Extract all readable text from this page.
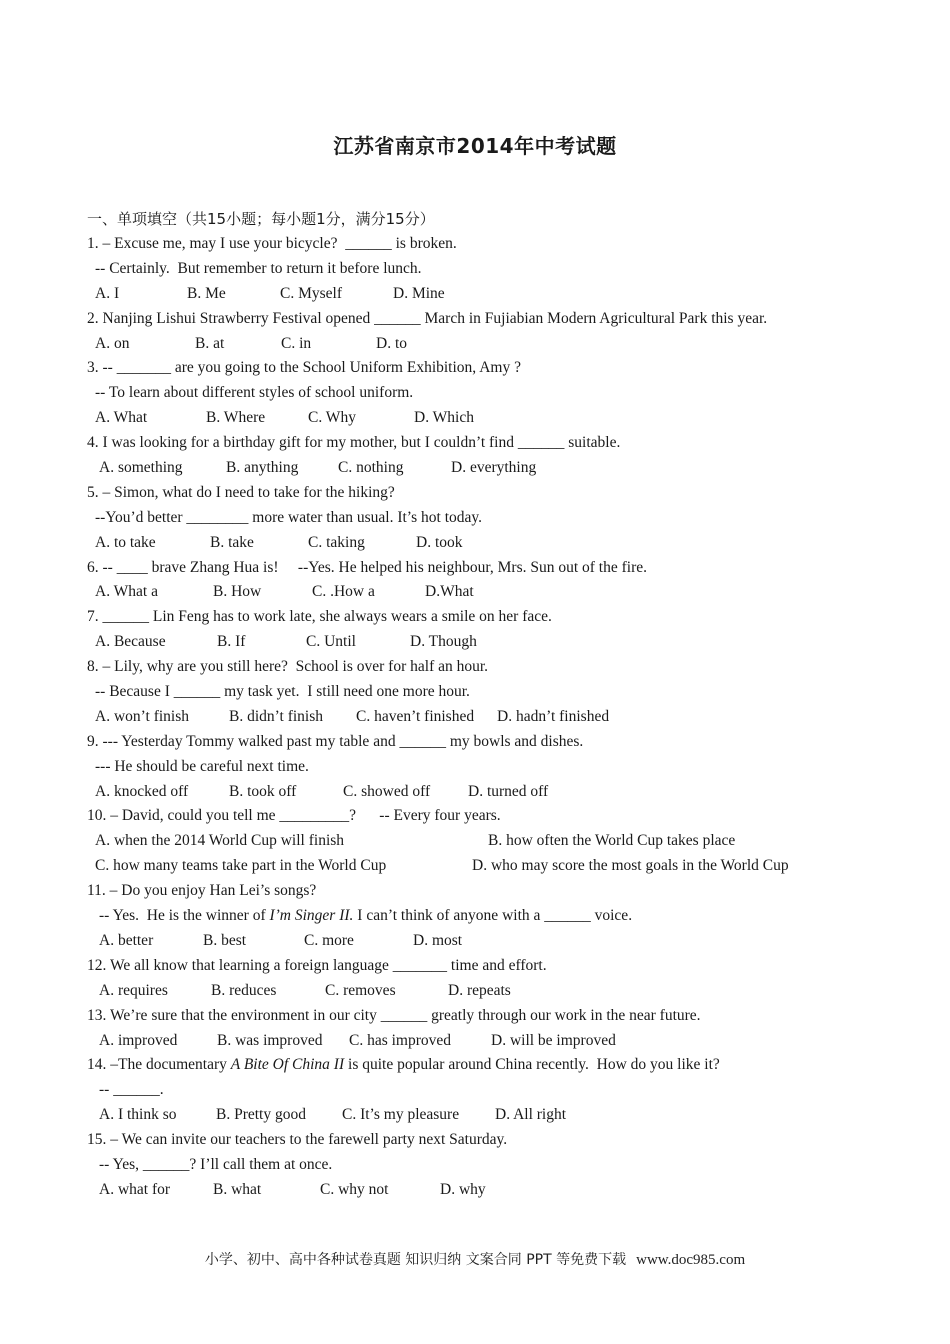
江苏省南京市2014年中考试题
一、单项填空（共15小题；每小题1分，满分15分）
1. – Excuse me, may I use your bicycle?  ______ is broken.
-- Certainly.  But remember to return it before lunch.

A. I

	B. Me

	C. Myself

	D. Mine

2. Nanjing Lishui Strawberry Festival opened ______ March in Fujiabian Modern Agricultural Park this year.

A. on

	B. at

	C. in

	D. to

3. -- _______ are you going to the School Uniform Exhibition, Amy ?
-- To learn about different styles of school uniform.

A. What

	B. Where

	C. Why

	D. Which

4. I was looking for a birthday gift for my mother, but I couldn’t find ______ suitable.

A. something

	B. anything

	C. nothing

	D. everything

5. – Simon, what do I need to take for the hiking?
--You’d better ________ more water than usual. It’s hot today.

A. to take

	B. take

	C. taking

	D. took

6. -- ____ brave Zhang Hua is!     --Yes. He helped his neighbour, Mrs. Sun out of the fire.

A. What a

	B. How

	C. .How a

	D.What

7. ______ Lin Feng has to work late, she always wears a smile on her face.

A. Because

	B. If

	C. Until

	D. Though

8. – Lily, why are you still here?  School is over for half an hour.
-- Because I ______ my task yet.  I still need one more hour.

A. won’t finish

	B. didn’t finish

C. haven’t finished

D. hadn’t finished

9. --- Yesterday Tommy walked past my table and ______ my bowls and dishes.
--- He should be careful next time.

A. knocked off

	B. took off

	C. showed off

D. turned off

10. – David, could you tell me _________?      -- Every four years.

A. when the 2014 World Cup will finish

	B. how often the World Cup takes place

C. how many teams take part in the World Cup

	D. who may score the most goals in the World Cup

11. – Do you enjoy Han Lei’s songs?
-- Yes.  He is the winner of I’m Singer II. I can’t think of anyone with a ______ voice.

A. better

	B. best

	C. more

	D. most

12. We all know that learning a foreign language _______ time and effort.

A. requires

	B. reduces

	C. removes

	D. repeats

13. We’re sure that the environment in our city ______ greatly through our work in the near future.

A. improved

	B. was improved

C. has improved

	D. will be improved

14. –The documentary A Bite Of China II is quite popular around China recently.  How do you like it?
-- ______.

A. I think so

	B. Pretty good

C. It’s my pleasure

D. All right

15. – We can invite our teachers to the farewell party next Saturday.
-- Yes, ______? I’ll call them at once.

A. what for

	B. what

	C. why not

	D. why

小学、初中、高中各种试卷真题 知识归纳 文案合同 PPT 等免费下载 www.doc985.com
